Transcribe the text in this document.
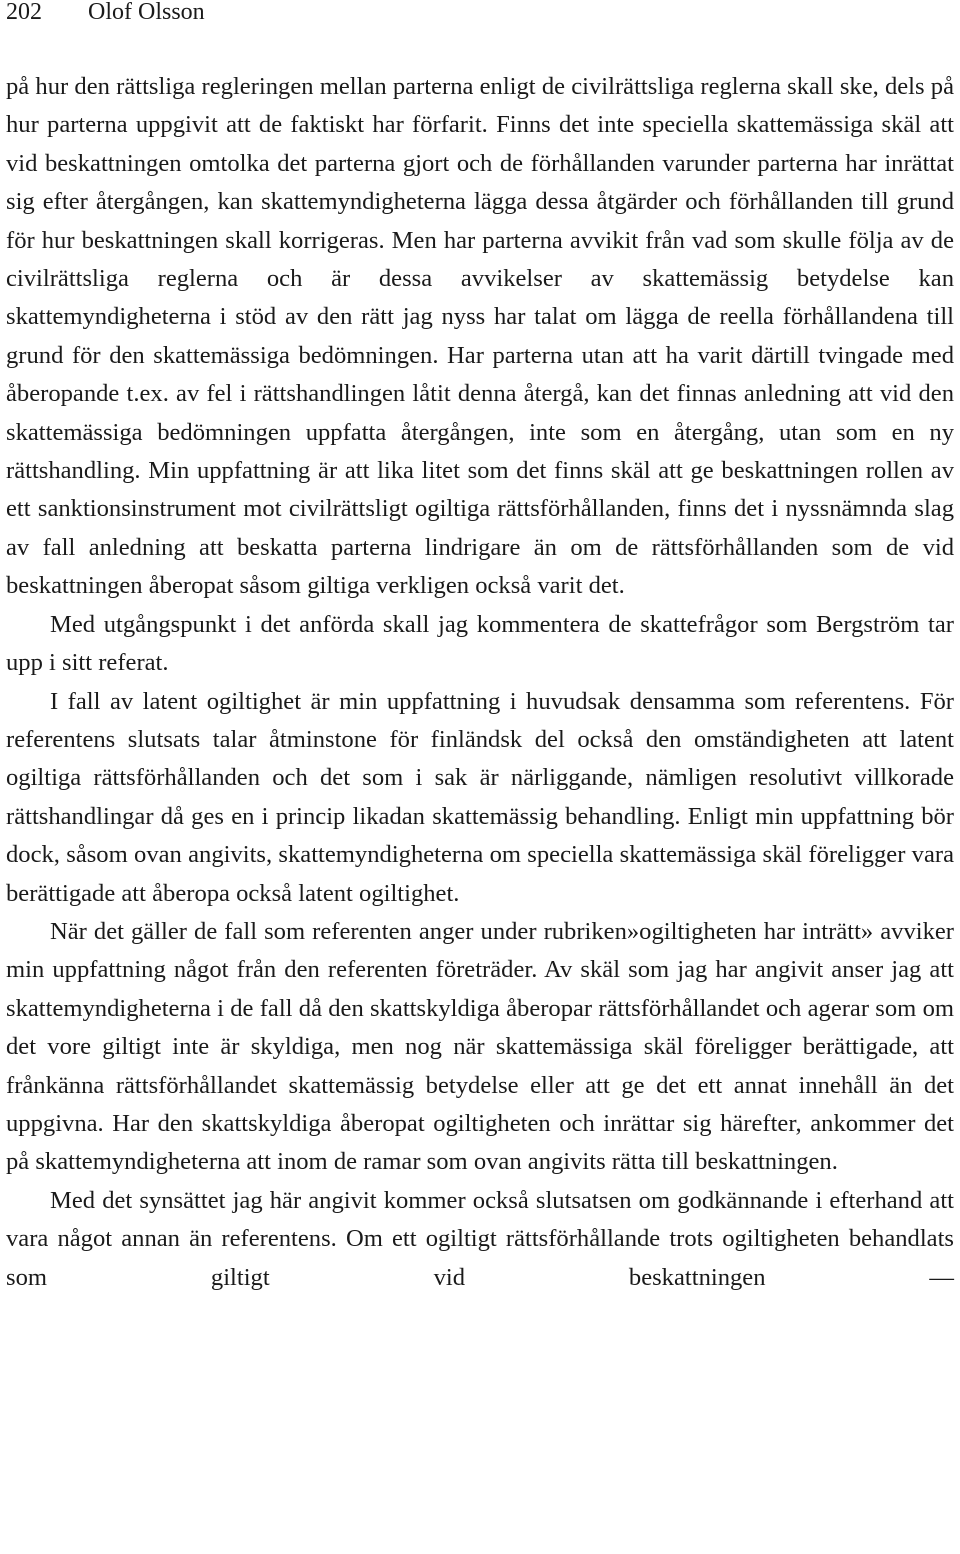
202 Olof Olsson

på hur den rättsliga regleringen mellan parterna enligt de civilrättsliga reglerna skall ske, dels på hur parterna uppgivit att de faktiskt har förfarit. Finns det inte speciella skattemässiga skäl att vid beskattningen omtolka det parterna gjort och de förhållanden varunder parterna har inrättat sig efter återgången, kan skattemyndigheterna lägga dessa åtgärder och förhållanden till grund för hur beskattningen skall korrigeras. Men har parterna avvikit från vad som skulle följa av de civilrättsliga reglerna och är dessa avvikelser av skattemässig betydelse kan skattemyndigheterna i stöd av den rätt jag nyss har talat om lägga de reella förhållandena till grund för den skattemässiga bedömningen. Har parterna utan att ha varit därtill tvingade med åberopande t.ex. av fel i rättshandlingen låtit denna återgå, kan det finnas anledning att vid den skattemässiga bedömningen uppfatta återgången, inte som en återgång, utan som en ny rättshandling. Min uppfattning är att lika litet som det finns skäl att ge beskattningen rollen av ett sanktionsinstrument mot civilrättsligt ogiltiga rättsförhållanden, finns det i nyssnämnda slag av fall anledning att beskatta parterna lindrigare än om de rättsförhållanden som de vid beskattningen åberopat såsom giltiga verkligen också varit det.

Med utgångspunkt i det anförda skall jag kommentera de skattefrågor som Bergström tar upp i sitt referat.

I fall av latent ogiltighet är min uppfattning i huvudsak densamma som referentens. För referentens slutsats talar åtminstone för finländsk del också den omständigheten att latent ogiltiga rättsförhållanden och det som i sak är närliggande, nämligen resolutivt villkorade rättshandlingar då ges en i princip likadan skattemässig behandling. Enligt min uppfattning bör dock, såsom ovan angivits, skattemyndigheterna om speciella skattemässiga skäl föreligger vara berättigade att åberopa också latent ogiltighet.

När det gäller de fall som referenten anger under rubriken»ogiltigheten har inträtt» avviker min uppfattning något från den referenten företräder. Av skäl som jag har angivit anser jag att skattemyndigheterna i de fall då den skattskyldiga åberopar rättsförhållandet och agerar som om det vore giltigt inte är skyldiga, men nog när skattemässiga skäl föreligger berättigade, att frånkänna rättsförhållandet skattemässig betydelse eller att ge det ett annat innehåll än det uppgivna. Har den skattskyldiga åberopat ogiltigheten och inrättar sig härefter, ankommer det på skattemyndigheterna att inom de ramar som ovan angivits rätta till beskattningen.

Med det synsättet jag här angivit kommer också slutsatsen om godkännande i efterhand att vara något annan än referentens. Om ett ogiltigt rättsförhållande trots ogiltigheten behandlats som giltigt vid beskattningen —
